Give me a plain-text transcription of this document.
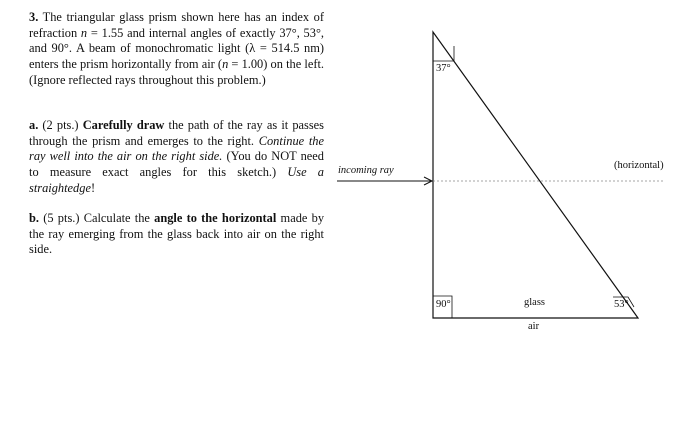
3. The triangular glass prism shown here has an index of refraction n = 1.55 and internal angles of exactly 37°, 53°, and 90°. A beam of monochromatic light (λ = 514.5 nm) enters the prism horizontally from air (n = 1.00) on the left. (Ignore reflected rays throughout this problem.)
a. (2 pts.) Carefully draw the path of the ray as it passes through the prism and emerges to the right. Continue the ray well into the air on the right side. (You do NOT need to measure exact angles for this sketch.) Use a straightedge!
b. (5 pts.) Calculate the angle to the horizontal made by the ray emerging from the glass back into air on the right side.
37°
90°	53°
incoming ray	(horizontal)
glass
air
